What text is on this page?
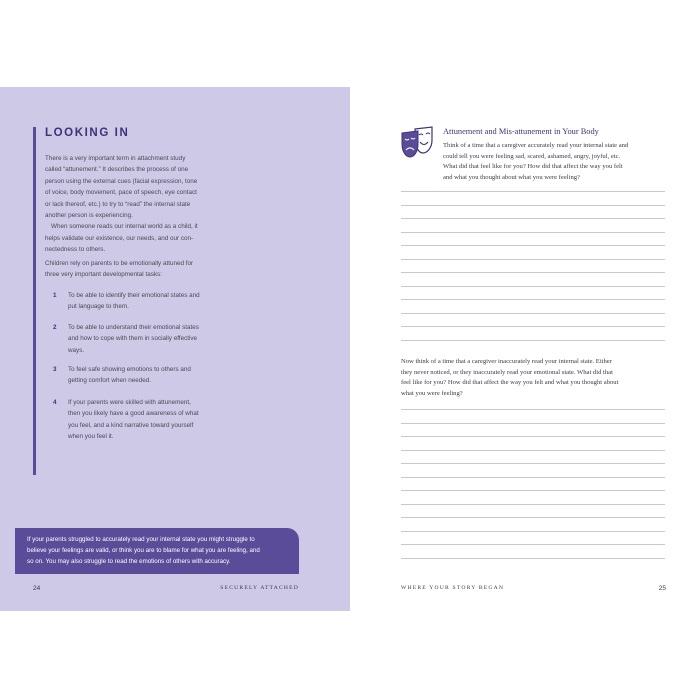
LOOKING IN
There is a very important term in attachment study
called “attunement.” It describes the process of one
person using the external cues (facial expression, tone
of voice, body movement, pace of speech, eye contact
or lack thereof, etc.) to try to “read” the internal state
another person is experiencing.
When someone reads our internal world as a child, it
helps validate our existence, our needs, and our con-
nectedness to others.
Children rely on parents to be emotionally attuned for
three very important developmental tasks:
1 To be able to identify their emotional states and
put language to them.
2 To be able to understand their emotional states
and how to cope with them in socially effective
ways.
3 To feel safe showing emotions to others and
getting comfort when needed.
4 If your parents were skilled with attunement,
then you likely have a good awareness of what
you feel, and a kind narrative toward yourself
when you feel it.
If your parents struggled to accurately read your internal state you might struggle to
believe your feelings are valid, or think you are to blame for what you are feeling, and
so on. You may also struggle to read the emotions of others with accuracy.
24	SECURELY ATTACHED
Attunement and Mis-attunement in Your Body
Think of a time that a caregiver accurately read your internal state and
could tell you were feeling sad, scared, ashamed, angry, joyful, etc.
What did that feel like for you? How did that affect the way you felt
and what you thought about what you were feeling?
Now think of a time that a caregiver inaccurately read your internal state. Either
they never noticed, or they inaccurately read your emotional state. What did that
feel like for you? How did that affect the way you felt and what you thought about
what you were feeling?
WHERE YOUR STORY BEGAN	25
